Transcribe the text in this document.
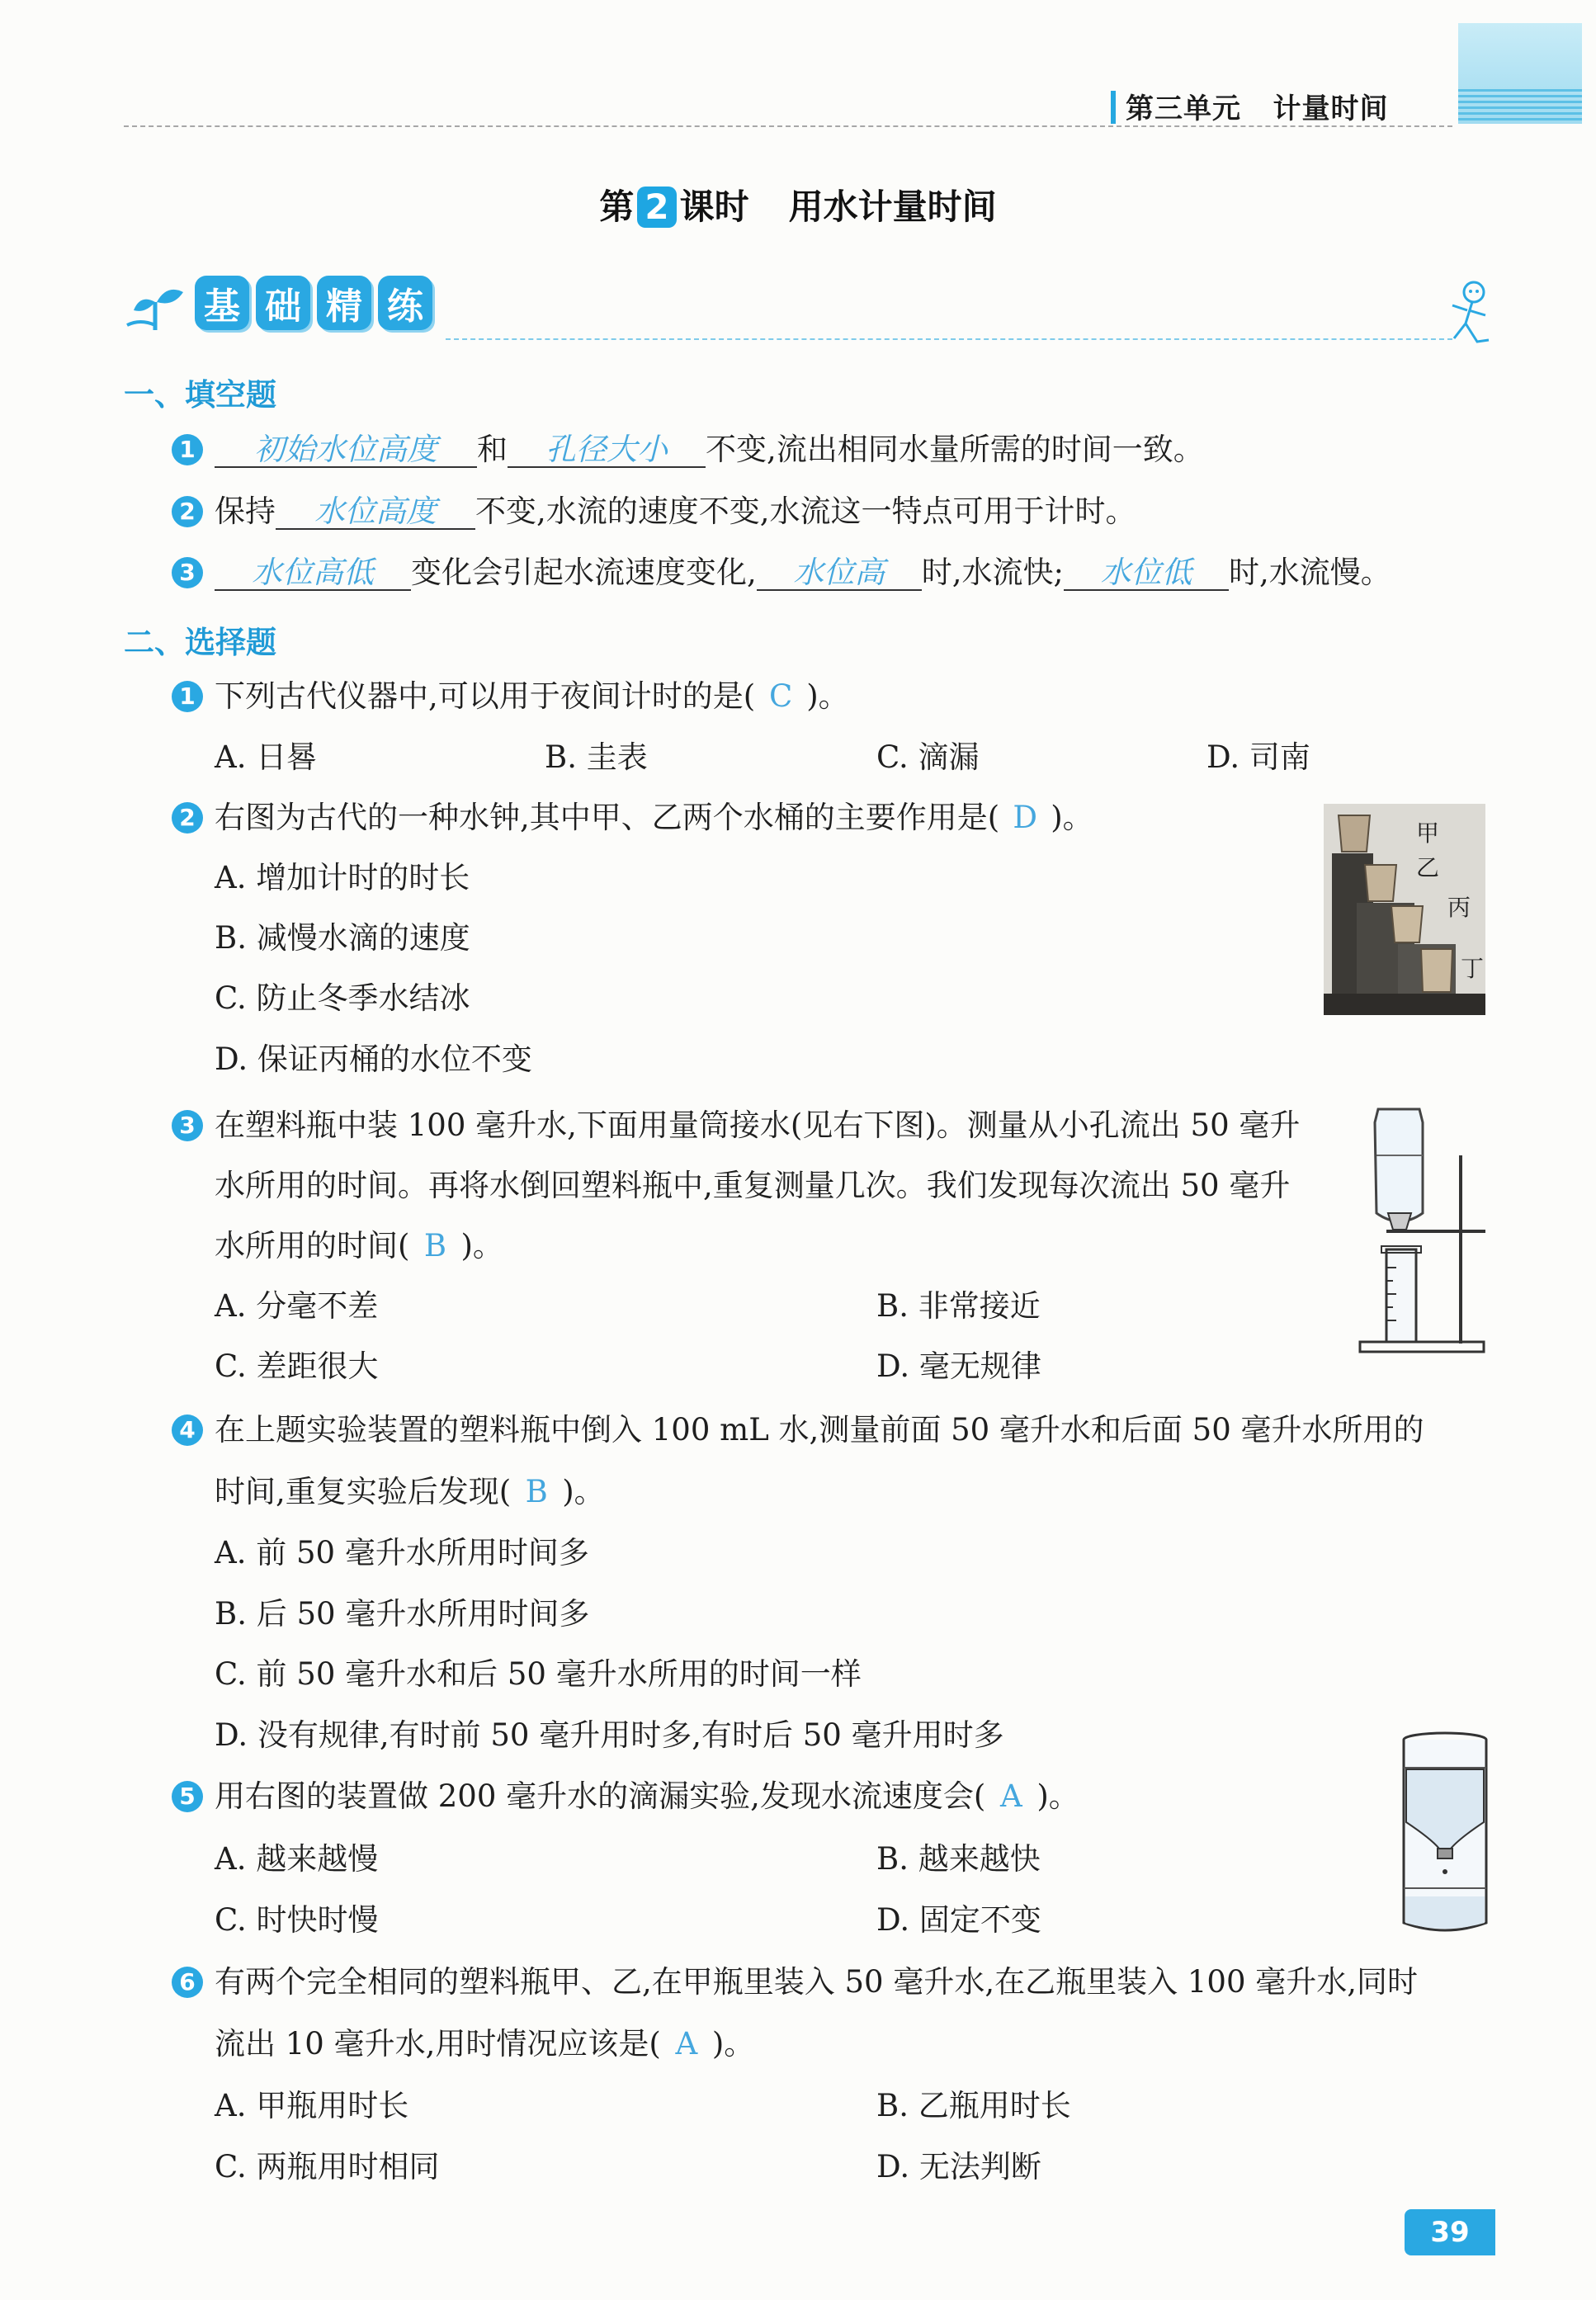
第三单元   计量时间
第 2 课时 用水计量时间
基 础 精 练
一、填空题
1	初始水位高度 和 孔径大小 不变,流出相同水量所需的时间一致。
2 保持 水位高度 不变,水流的速度不变,水流这一特点可用于计时。
3	水位高低 变化会引起水流速度变化, 水位高 时,水流快; 水位低 时,水流慢。
二、选择题
1 下列古代仪器中,可以用于夜间计时的是( C )。
A. 日晷	B. 圭表	C. 滴漏	D. 司南
2 右图为古代的一种水钟,其中甲、乙两个水桶的主要作用是( D )。
A. 增加计时的时长
B. 减慢水滴的速度
C. 防止冬季水结冰
D. 保证丙桶的水位不变
甲
乙
丙
丁
3 在塑料瓶中装 100 毫升水,下面用量筒接水(见右下图)。测量从小孔流出 50 毫升
水所用的时间。再将水倒回塑料瓶中,重复测量几次。我们发现每次流出 50 毫升
水所用的时间( B )。
A. 分毫不差	B. 非常接近
C. 差距很大	D. 毫无规律
4 在上题实验装置的塑料瓶中倒入 100 mL 水,测量前面 50 毫升水和后面 50 毫升水所用的
时间,重复实验后发现( B )。
A. 前 50 毫升水所用时间多
B. 后 50 毫升水所用时间多
C. 前 50 毫升水和后 50 毫升水所用的时间一样
D. 没有规律,有时前 50 毫升用时多,有时后 50 毫升用时多
5 用右图的装置做 200 毫升水的滴漏实验,发现水流速度会( A )。
A. 越来越慢	B. 越来越快
C. 时快时慢	D. 固定不变
6 有两个完全相同的塑料瓶甲、乙,在甲瓶里装入 50 毫升水,在乙瓶里装入 100 毫升水,同时
流出 10 毫升水,用时情况应该是( A )。
A. 甲瓶用时长	B. 乙瓶用时长
C. 两瓶用时相同	D. 无法判断
39
